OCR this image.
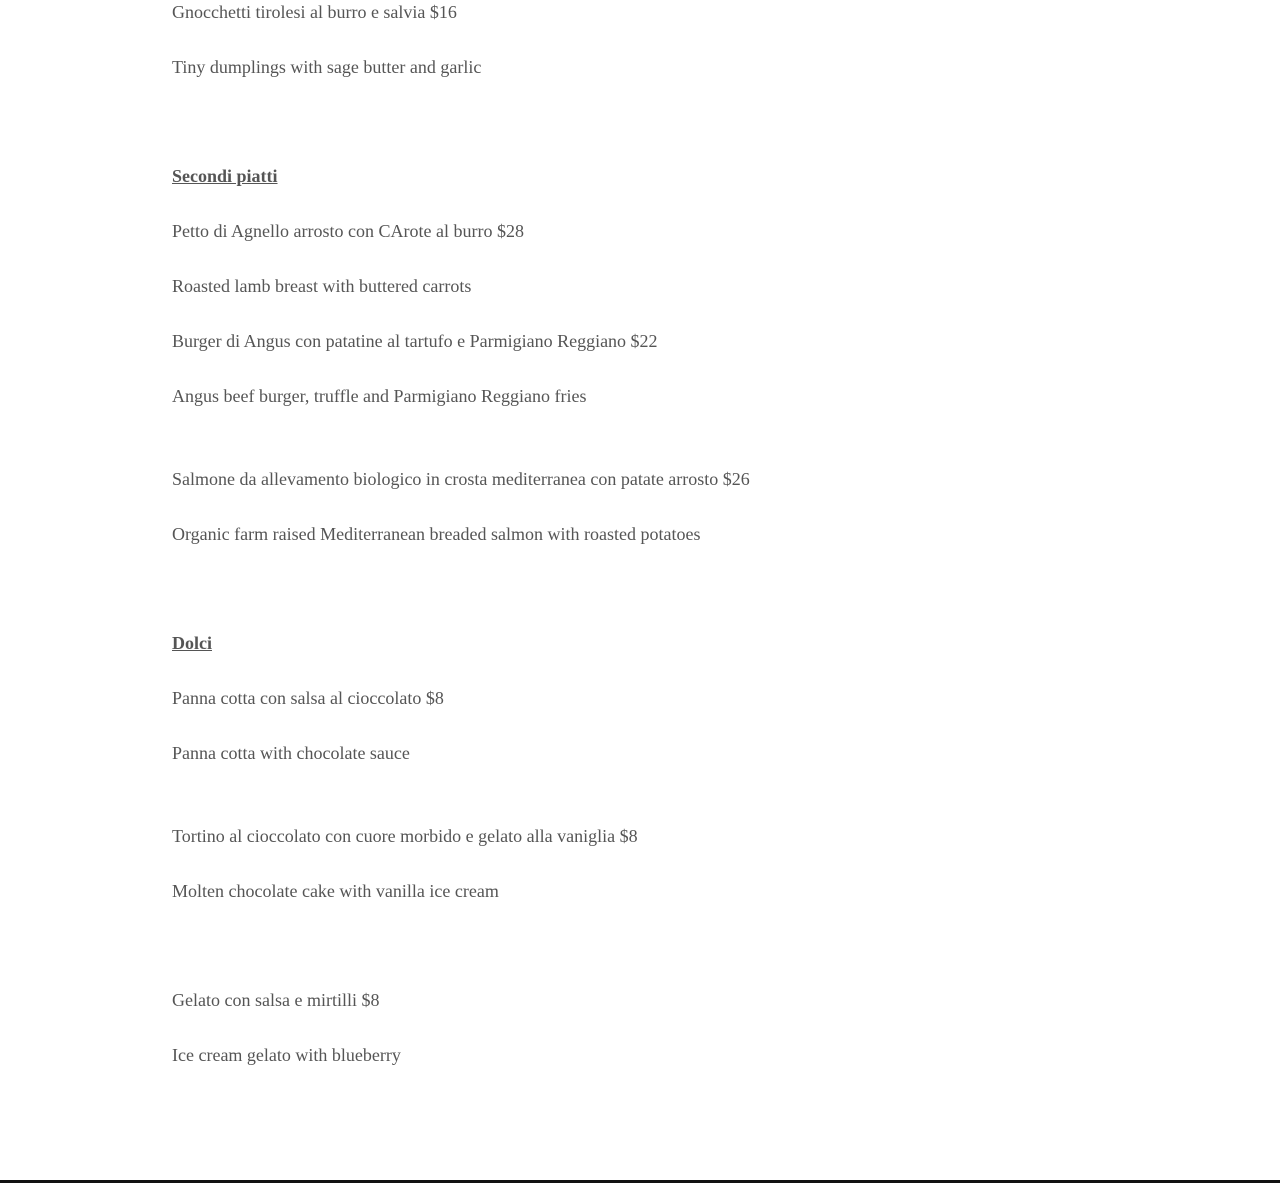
Gnocchetti tirolesi al burro e salvia $16

Tiny dumplings with sage butter and garlic

Secondi piatti

Petto di Agnello arrosto con CArote al burro $28

Roasted lamb breast with buttered carrots

Burger di Angus con patatine al tartufo e Parmigiano Reggiano $22

Angus beef burger, truffle and Parmigiano Reggiano fries

Salmone da allevamento biologico in crosta mediterranea con patate arrosto $26

Organic farm raised Mediterranean breaded salmon with roasted potatoes

Dolci

Panna cotta con salsa al cioccolato $8

Panna cotta with chocolate sauce

Tortino al cioccolato con cuore morbido e gelato alla vaniglia $8

Molten chocolate cake with vanilla ice cream

Gelato con salsa e mirtilli $8

Ice cream gelato with blueberry
